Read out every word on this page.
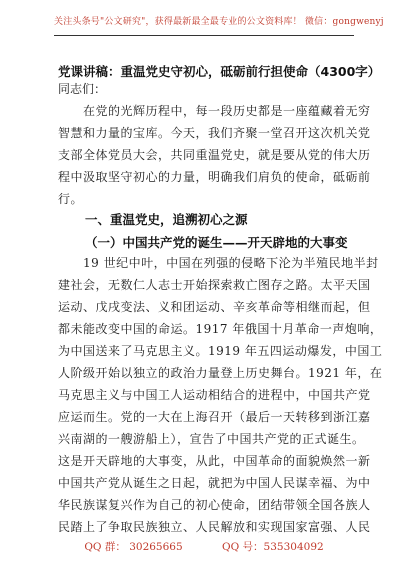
关注头条号"公文研究"，获得最新最全最专业的公文资料库！ 微信：gongwenyj
党课讲稿：重温党史守初心，砥砺前行担使命（4300字）
同志们：
　　在党的光辉历程中，每一段历史都是一座蕴藏着无穷
智慧和力量的宝库。今天，我们齐聚一堂召开这次机关党
支部全体党员大会，共同重温党史，就是要从党的伟大历
程中汲取坚守初心的力量，明确我们肩负的使命，砥砺前
行。
一、重温党史，追溯初心之源
（一）中国共产党的诞生——开天辟地的大事变
　　19 世纪中叶，中国在列强的侵略下沦为半殖民地半封
建社会，无数仁人志士开始探索救亡图存之路。太平天国
运动、戊戌变法、义和团运动、辛亥革命等相继而起，但
都未能改变中国的命运。1917 年俄国十月革命一声炮响，
为中国送来了马克思主义。1919 年五四运动爆发，中国工
人阶级开始以独立的政治力量登上历史舞台。1921 年，在
马克思主义与中国工人运动相结合的进程中，中国共产党
应运而生。党的一大在上海召开（最后一天转移到浙江嘉
兴南湖的一艘游船上），宣告了中国共产党的正式诞生。
这是开天辟地的大事变，从此，中国革命的面貌焕然一新
中国共产党从诞生之日起，就把为中国人民谋幸福、为中
华民族谋复兴作为自己的初心使命，团结带领全国各族人
民踏上了争取民族独立、人民解放和实现国家富强、人民
QQ 群： 30265665	QQ 号：535304092
